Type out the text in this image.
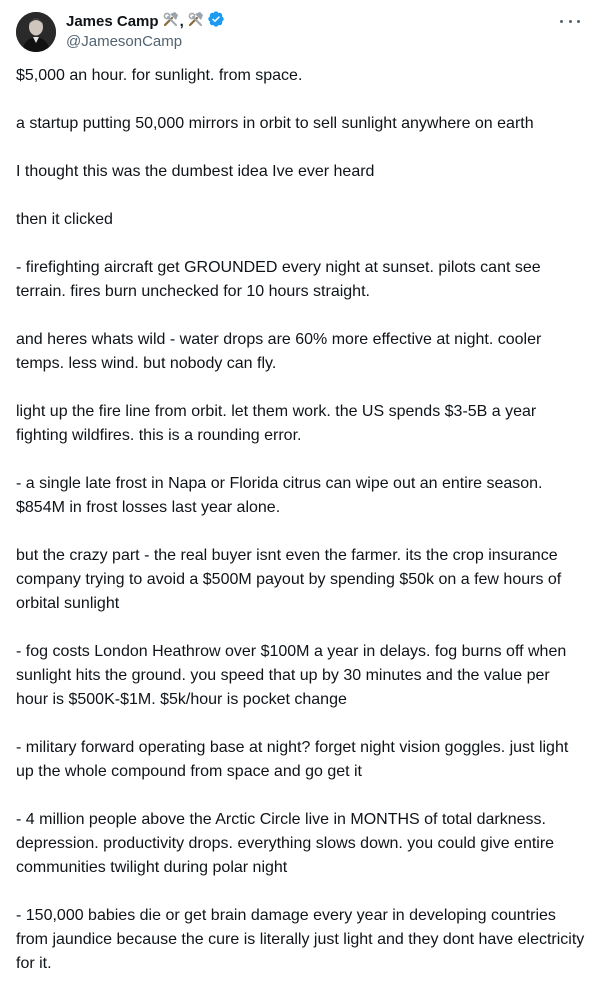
James Camp ,
@JamesonCamp

$5,000 an hour. for sunlight. from space.

a startup putting 50,000 mirrors in orbit to sell sunlight anywhere on earth

I thought this was the dumbest idea Ive ever heard

then it clicked

- firefighting aircraft get GROUNDED every night at sunset. pilots cant see terrain. fires burn unchecked for 10 hours straight.

and heres whats wild - water drops are 60% more effective at night. cooler temps. less wind. but nobody can fly.

light up the fire line from orbit. let them work. the US spends $3-5B a year fighting wildfires. this is a rounding error.

- a single late frost in Napa or Florida citrus can wipe out an entire season. $854M in frost losses last year alone.

but the crazy part - the real buyer isnt even the farmer. its the crop insurance company trying to avoid a $500M payout by spending $50k on a few hours of orbital sunlight

- fog costs London Heathrow over $100M a year in delays. fog burns off when sunlight hits the ground. you speed that up by 30 minutes and the value per hour is $500K-$1M. $5k/hour is pocket change

- military forward operating base at night? forget night vision goggles. just light up the whole compound from space and go get it

- 4 million people above the Arctic Circle live in MONTHS of total darkness. depression. productivity drops. everything slows down. you could give entire communities twilight during polar night

- 150,000 babies die or get brain damage every year in developing countries from jaundice because the cure is literally just light and they dont have electricity for it.
